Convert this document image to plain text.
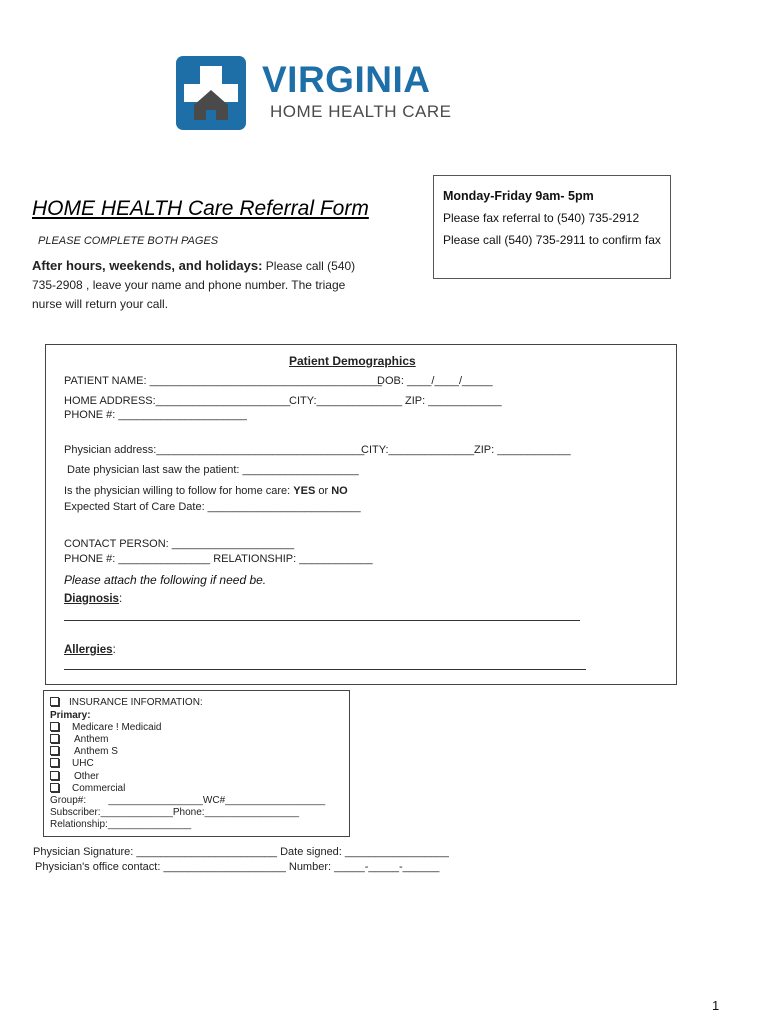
VIRGINIA
HOME HEALTH CARE
HOME HEALTH Care Referral Form
PLEASE COMPLETE BOTH PAGES
After hours, weekends, and holidays: Please call (540) 735-2908 , leave your name and phone number. The triage nurse will return your call.
Monday-Friday 9am- 5pm
Please fax referral to (540) 735-2912
Please call (540) 735-2911 to confirm fax
Patient Demographics
PATIENT NAME: ______________________________________
DOB: ____/____/_____
HOME ADDRESS:______________________
CITY:______________ ZIP: ____________
PHONE #: _____________________
Physician address:__________________________________
CITY:______________ ZIP: ____________
Date physician last saw the patient: ___________________
Is the physician willing to follow for home care: YES or NO
Expected Start of Care Date: _________________________
CONTACT PERSON: ____________________
PHONE #: _______________ RELATIONSHIP: ____________
Please attach the following if need be.
Diagnosis:
Allergies:
INSURANCE INFORMATION:
Primary:
Medicare ! Medicaid
Anthem
Anthem S
UHC
Other
Commercial
Group#:        _________________WC#__________________
Subscriber:_____________Phone:_________________
Relationship:_______________
Physician Signature: _______________________ Date signed: _________________
Physician's office contact: ____________________ Number: _____-_____-______
1
